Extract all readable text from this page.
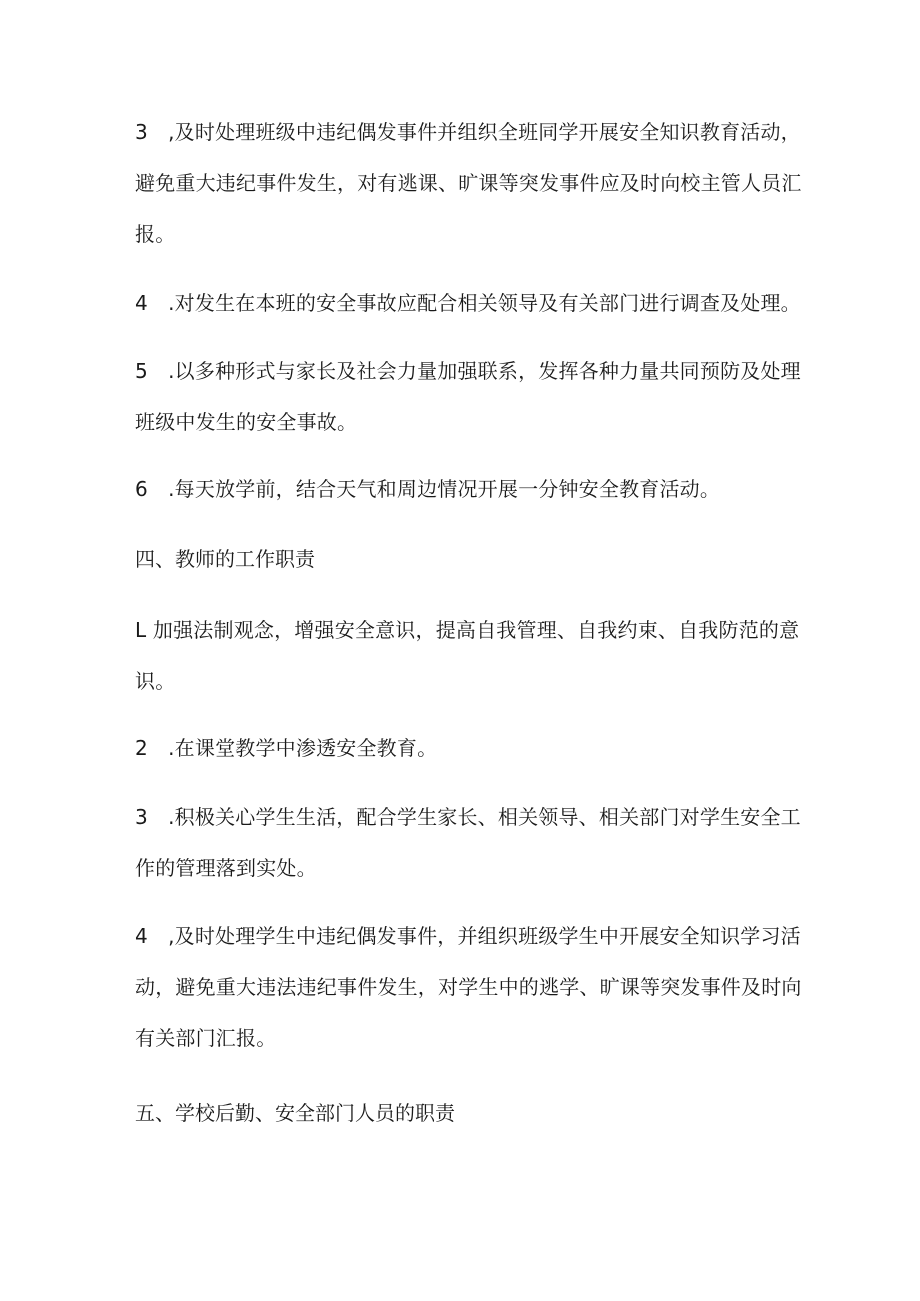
3　,及时处理班级中违纪偶发事件并组织全班同学开展安全知识教育活动，
避免重大违纪事件发生，对有逃课、旷课等突发事件应及时向校主管人员汇
报。

4　.对发生在本班的安全事故应配合相关领导及有关部门进行调查及处理。

5　.以多种形式与家长及社会力量加强联系，发挥各种力量共同预防及处理
班级中发生的安全事故。

6　.每天放学前，结合天气和周边情况开展一分钟安全教育活动。

四、教师的工作职责

L 加强法制观念，增强安全意识，提高自我管理、自我约束、自我防范的意
识。

2　.在课堂教学中渗透安全教育。

3　.积极关心学生生活，配合学生家长、相关领导、相关部门对学生安全工
作的管理落到实处。

4　,及时处理学生中违纪偶发事件，并组织班级学生中开展安全知识学习活
动，避免重大违法违纪事件发生，对学生中的逃学、旷课等突发事件及时向
有关部门汇报。

五、学校后勤、安全部门人员的职责
